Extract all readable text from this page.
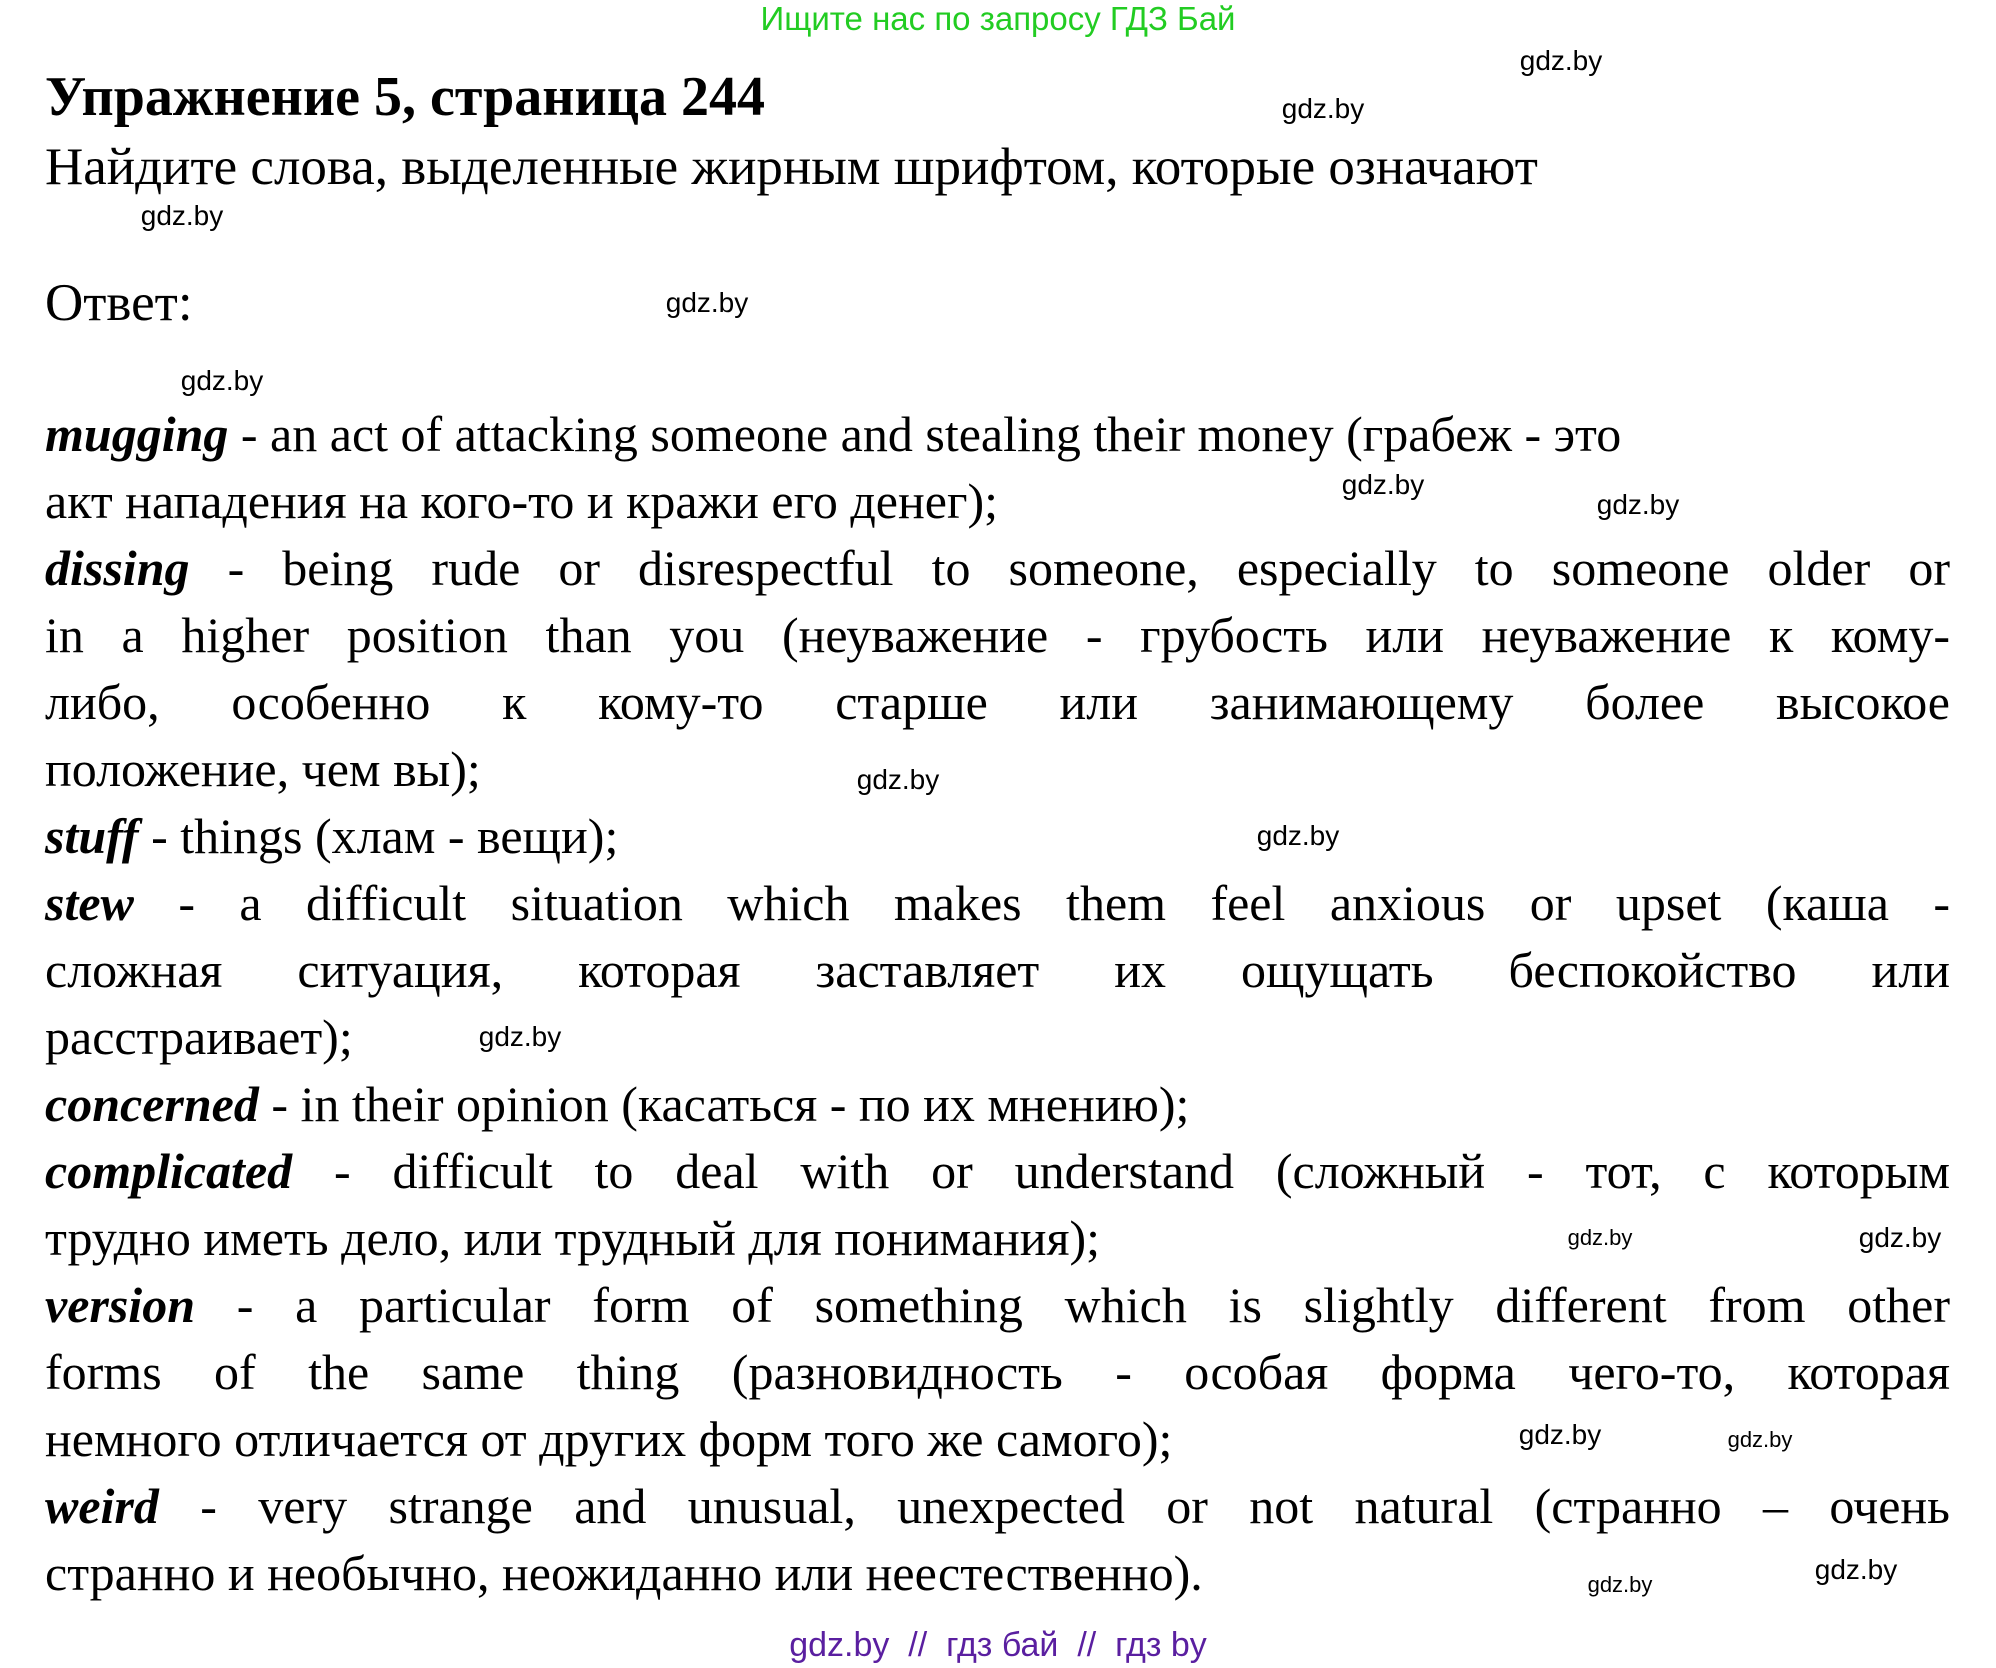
Ищите нас по запросу ГДЗ Бай
Упражнение 5, страница 244
Найдите слова, выделенные жирным шрифтом, которые означают
Ответ:
mugging - an act of attacking someone and stealing their money (грабеж - это
акт нападения на кого-то и кражи его денег);
dissing - being rude or disrespectful to someone, especially to someone older or
in a higher position than you (неуважение - грубость или неуважение к кому-
либо, особенно к кому-то старше или занимающему более высокое
положение, чем вы);
stuff - things (хлам - вещи);
stew - a difficult situation which makes them feel anxious or upset (каша -
сложная ситуация, которая заставляет их ощущать беспокойство или
расстраивает);
concerned - in their opinion (касаться - по их мнению);
complicated - difficult to deal with or understand (сложный - тот, с которым
трудно иметь дело, или трудный для понимания);
version - a particular form of something which is slightly different from other
forms of the same thing (разновидность - особая форма чего-то, которая
немного отличается от других форм того же самого);
weird - very strange and unusual, unexpected or not natural (странно – очень
странно и необычно, неожиданно или неестественно).
gdz.by
gdz.by
gdz.by
gdz.by
gdz.by
gdz.by
gdz.by
gdz.by
gdz.by
gdz.by
gdz.by	gdz.by
gdz.by
gdz.by
gdz.by	gdz.by
gdz.by  //  гдз бай  //  гдз by
